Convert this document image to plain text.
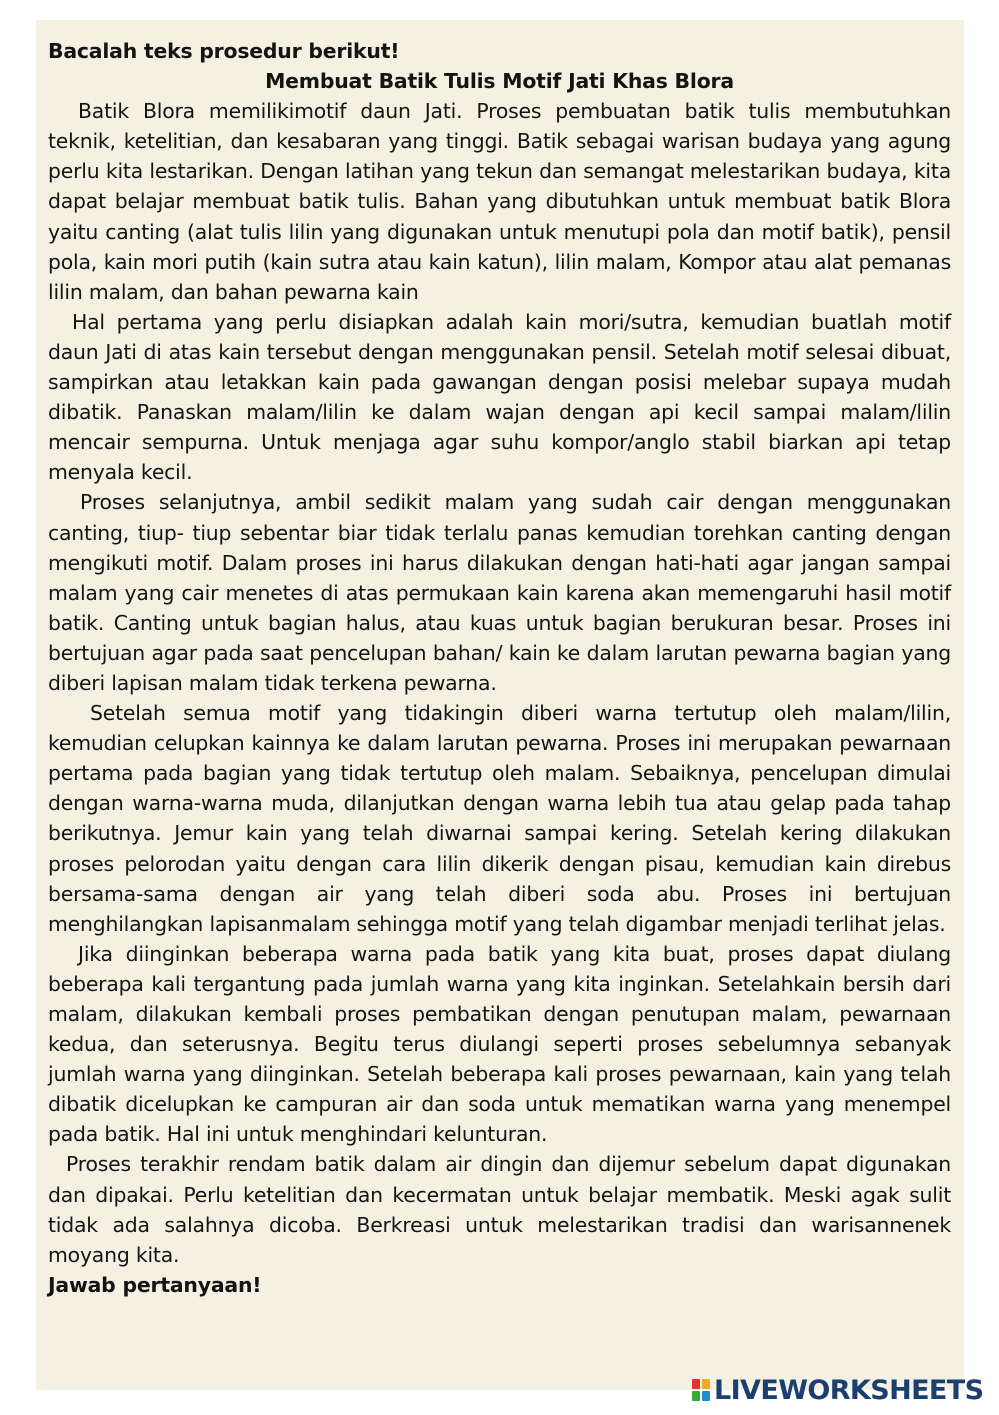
Bacalah teks prosedur berikut!

Membuat Batik Tulis Motif Jati Khas Blora

Batik Blora memilikimotif daun Jati. Proses pembuatan batik tulis membutuhkan teknik, ketelitian, dan kesabaran yang tinggi. Batik sebagai warisan budaya yang agung perlu kita lestarikan. Dengan latihan yang tekun dan semangat melestarikan budaya, kita dapat belajar membuat batik tulis. Bahan yang dibutuhkan untuk membuat batik Blora yaitu canting (alat tulis lilin yang digunakan untuk menutupi pola dan motif batik), pensil pola, kain mori putih (kain sutra atau kain katun), lilin malam, Kompor atau alat pemanas lilin malam, dan bahan pewarna kain

Hal pertama yang perlu disiapkan adalah kain mori/sutra, kemudian buatlah motif daun Jati di atas kain tersebut dengan menggunakan pensil. Setelah motif selesai dibuat, sampirkan atau letakkan kain pada gawangan dengan posisi melebar supaya mudah dibatik. Panaskan malam/lilin ke dalam wajan dengan api kecil sampai malam/lilin mencair sempurna. Untuk menjaga agar suhu kompor/anglo stabil biarkan api tetap menyala kecil.

Proses selanjutnya, ambil sedikit malam yang sudah cair dengan menggunakan canting, tiup- tiup sebentar biar tidak terlalu panas kemudian torehkan canting dengan mengikuti motif. Dalam proses ini harus dilakukan dengan hati-hati agar jangan sampai malam yang cair menetes di atas permukaan kain karena akan memengaruhi hasil motif batik. Canting untuk bagian halus, atau kuas untuk bagian berukuran besar. Proses ini bertujuan agar pada saat pencelupan bahan/ kain ke dalam larutan pewarna bagian yang diberi lapisan malam tidak terkena pewarna.

Setelah semua motif yang tidakingin diberi warna tertutup oleh malam/lilin, kemudian celupkan kainnya ke dalam larutan pewarna. Proses ini merupakan pewarnaan pertama pada bagian yang tidak tertutup oleh malam. Sebaiknya, pencelupan dimulai dengan warna-warna muda, dilanjutkan dengan warna lebih tua atau gelap pada tahap berikutnya. Jemur kain yang telah diwarnai sampai kering. Setelah kering dilakukan proses pelorodan yaitu dengan cara lilin dikerik dengan pisau, kemudian kain direbus bersama-sama dengan air yang telah diberi soda abu. Proses ini bertujuan menghilangkan lapisanmalam sehingga motif yang telah digambar menjadi terlihat jelas.

Jika diinginkan beberapa warna pada batik yang kita buat, proses dapat diulang beberapa kali tergantung pada jumlah warna yang kita inginkan. Setelahkain bersih dari malam, dilakukan kembali proses pembatikan dengan penutupan malam, pewarnaan kedua, dan seterusnya. Begitu terus diulangi seperti proses sebelumnya sebanyak jumlah warna yang diinginkan. Setelah beberapa kali proses pewarnaan, kain yang telah dibatik dicelupkan ke campuran air dan soda untuk mematikan warna yang menempel pada batik. Hal ini untuk menghindari kelunturan.

Proses terakhir rendam batik dalam air dingin dan dijemur sebelum dapat digunakan dan dipakai. Perlu ketelitian dan kecermatan untuk belajar membatik. Meski agak sulit tidak ada salahnya dicoba. Berkreasi untuk melestarikan tradisi dan warisannenek moyang kita.

Jawab pertanyaan!

LIVEWORKSHEETS
